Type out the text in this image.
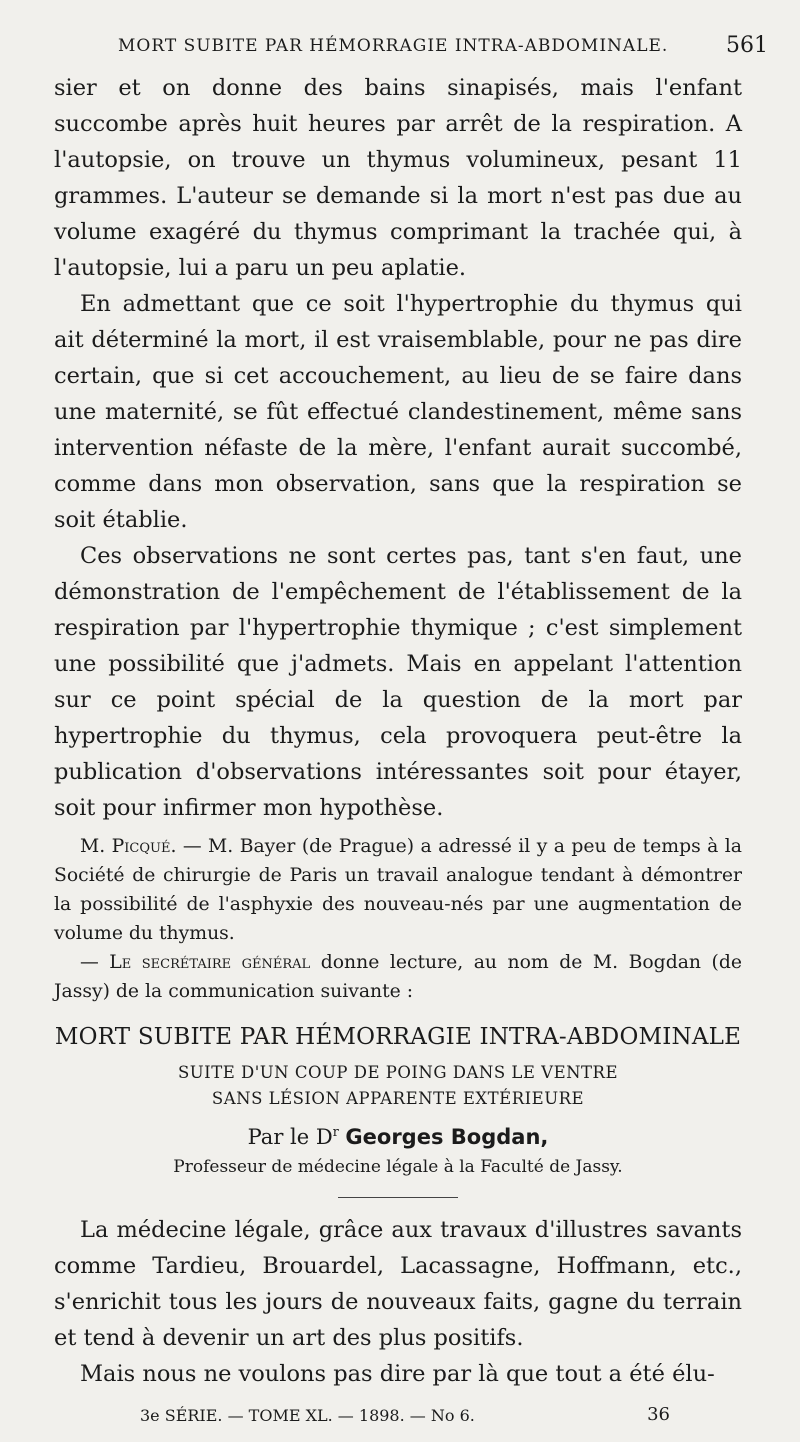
MORT SUBITE PAR HÉMORRAGIE INTRA-ABDOMINALE.	561

sier et on donne des bains sinapisés, mais l'enfant succombe après huit heures par arrêt de la respiration. A l'autopsie, on trouve un thymus volumineux, pesant 11 grammes. L'auteur se demande si la mort n'est pas due au volume exagéré du thymus comprimant la trachée qui, à l'autopsie, lui a paru un peu aplatie.

En admettant que ce soit l'hypertrophie du thymus qui ait déterminé la mort, il est vraisemblable, pour ne pas dire certain, que si cet accouchement, au lieu de se faire dans une maternité, se fût effectué clandestinement, même sans intervention néfaste de la mère, l'enfant aurait succombé, comme dans mon observation, sans que la respiration se soit établie.

Ces observations ne sont certes pas, tant s'en faut, une démonstration de l'empêchement de l'établissement de la respiration par l'hypertrophie thymique ; c'est simplement une possibilité que j'admets. Mais en appelant l'attention sur ce point spécial de la question de la mort par hypertrophie du thymus, cela provoquera peut-être la publication d'observations intéressantes soit pour étayer, soit pour infirmer mon hypothèse.

M. Picqué. — M. Bayer (de Prague) a adressé il y a peu de temps à la Société de chirurgie de Paris un travail analogue tendant à démontrer la possibilité de l'asphyxie des nouveau-nés par une augmentation de volume du thymus.

— Le secrétaire général donne lecture, au nom de M. Bogdan (de Jassy) de la communication suivante :

MORT SUBITE PAR HÉMORRAGIE INTRA-ABDOMINALE
SUITE D'UN COUP DE POING DANS LE VENTRE
SANS LÉSION APPARENTE EXTÉRIEURE
Par le $D^r$ Georges Bogdan,
Professeur de médecine légale à la Faculté de Jassy.

La médecine légale, grâce aux travaux d'illustres savants comme Tardieu, Brouardel, Lacassagne, Hoffmann, etc., s'enrichit tous les jours de nouveaux faits, gagne du terrain et tend à devenir un art des plus positifs.

Mais nous ne voulons pas dire par là que tout a été élu-

3e SÉRIE. — TOME XL. — 1898. — No 6.	36
